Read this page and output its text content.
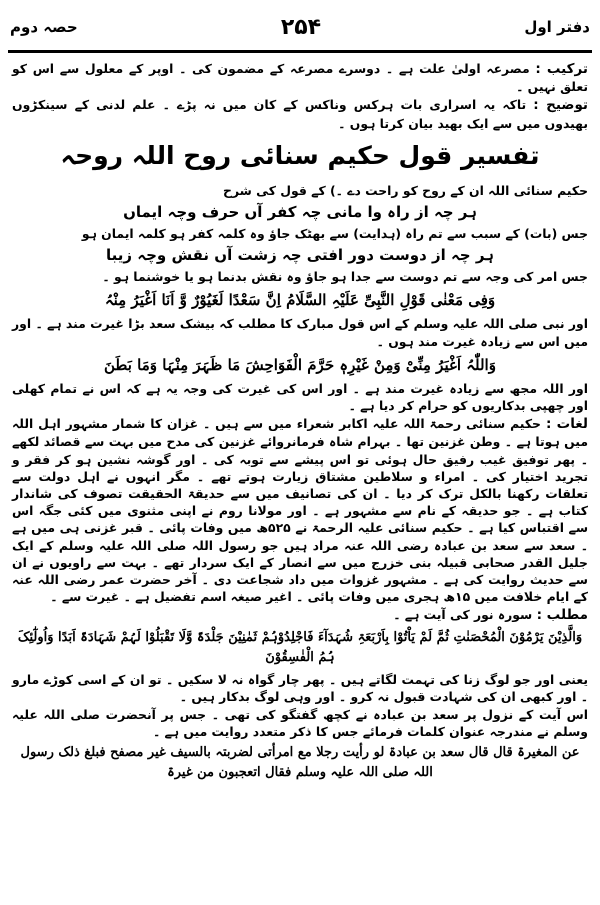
دفتر اول
۲۵۴
حصہ دوم

ترکیب : مصرعہ اولیٰ علت ہے ۔ دوسرے مصرعہ کے مضمون کی ۔ اوپر کے معلول سے اس کو تعلق نہیں ۔

توضیح : تاکہ یہ اسراری بات ہرکس وناکس کے کان میں نہ پڑے ۔ علم لدنی کے سینکڑوں بھیدوں میں سے ایک بھید بیان کرتا ہوں ۔

تفسیر قول حکیم سنائی روح اللہ روحہ

حکیم سنائی اللہ ان کے روح کو راحت دے ۔) کے قول کی شرح

ہر چہ از راہ وا مانی چہ کفر آں حرف وچہ ایماں

جس (بات) کے سبب سے تم راہ (ہدایت) سے بھٹک جاؤ وہ کلمہ کفر ہو کلمہ ایمان ہو

ہر چہ از دوست دور افتی چہ زشت آں نقش وچہ زیبا

جس امر کی وجہ سے تم دوست سے جدا ہو جاؤ وہ نقش بدنما ہو یا خوشنما ہو ۔

وَفِی مَعْنٰی قَوْلِ النَّبِیِّ عَلَیْہِ السَّلَامُ اِنَّ سَعْدًا لَغَیُوْرٌ وَّ اَنَا اَغْیَرُ مِنْہُ

اور نبی صلی اللہ علیہ وسلم کے اس قول مبارک کا مطلب کہ بیشک سعد بڑا غیرت مند ہے ۔ اور میں اس سے زیادہ غیرت مند ہوں ۔

وَاللّٰہُ اَغْیَرُ مِنِّیْ وَمِنْ غَیْرِہٖ حَرَّمَ الْفَوَاحِشَ مَا ظَہَرَ مِنْہَا وَمَا بَطَنَ

اور اللہ مجھ سے زیادہ غیرت مند ہے ۔ اور اس کی غیرت کی وجہ یہ ہے کہ اس نے تمام کھلی اور چھپی بدکاریوں کو حرام کر دیا ہے ۔

لغات : حکیم سنائی رحمۃ اللہ علیہ اکابر شعراء میں سے ہیں ۔ غزان کا شمار مشہور اہل اللہ میں ہوتا ہے ۔ وطن غزنین تھا ۔ بہرام شاہ فرمانروائے غزنین کی مدح میں بہت سے قصائد لکھے ۔ پھر توفیق غیب رفیق حال ہوئی تو اس پیشے سے توبہ کی ۔ اور گوشہ نشین ہو کر فقر و تجرید اختیار کی ۔ امراء و سلاطین مشتاق زیارت ہوتے تھے ۔ مگر انہوں نے اہل دولت سے تعلقات رکھنا بالکل ترک کر دیا ۔ ان کی تصانیف میں سے حدیقۃ الحقیقت تصوف کی شاندار کتاب ہے ۔ جو حدیقہ کے نام سے مشہور ہے ۔ اور مولانا روم نے اپنی مثنوی میں کئی جگہ اس سے اقتباس کیا ہے ۔ حکیم سنائی علیہ الرحمۃ نے ۵۲۵ھ میں وفات پائی ۔ قبر غزنی ہی میں ہے ۔ سعد سے سعد بن عبادہ رضی اللہ عنہ مراد ہیں جو رسول اللہ صلی اللہ علیہ وسلم کے ایک جلیل القدر صحابی قبیلہ بنی خزرج میں سے انصار کے ایک سردار تھے ۔ بہت سے راویوں نے ان سے حدیث روایت کی ہے ۔ مشہور غزوات میں داد شجاعت دی ۔ آخر حضرت عمر رضی اللہ عنہ کے ایام خلافت میں ۱۵ھ ہجری میں وفات پائی ۔ اغیر صیغہ اسم تفضیل ہے ۔ غیرت سے ۔

مطلب : سورہ نور کی آیت ہے ۔

وَالَّذِیْنَ یَرْمُوْنَ الْمُحْصَنٰتِ ثُمَّ لَمْ یَاْتُوْا بِاَرْبَعَۃِ شُہَدَآءَ فَاجْلِدُوْہُمْ ثَمٰنِیْنَ جَلْدَۃً وَّلَا تَقْبَلُوْا لَہُمْ شَہَادَۃً اَبَدًا وَاُولٰٓئِکَ ہُمُ الْفٰسِقُوْنَ

یعنی اور جو لوگ زنا کی تہمت لگاتے ہیں ۔ پھر چار گواہ نہ لا سکیں ۔ تو ان کے اسی کوڑے مارو ۔ اور کبھی ان کی شہادت قبول نہ کرو ۔ اور وہی لوگ بدکار ہیں ۔

اس آیت کے نزول پر سعد بن عبادہ نے کچھ گفتگو کی تھی ۔ جس پر آنحضرت صلی اللہ علیہ وسلم نے مندرجہ عنوان کلمات فرمائے جس کا ذکر متعدد روایت میں ہے ۔

عن المغیرۃ قال قال سعد بن عبادۃ لو رأیت رجلا مع امرأتی لضربتہ بالسیف غیر مصفح فبلغ ذلک رسول اللہ صلی اللہ علیہ وسلم فقال اتعجبون من غیرۃ
